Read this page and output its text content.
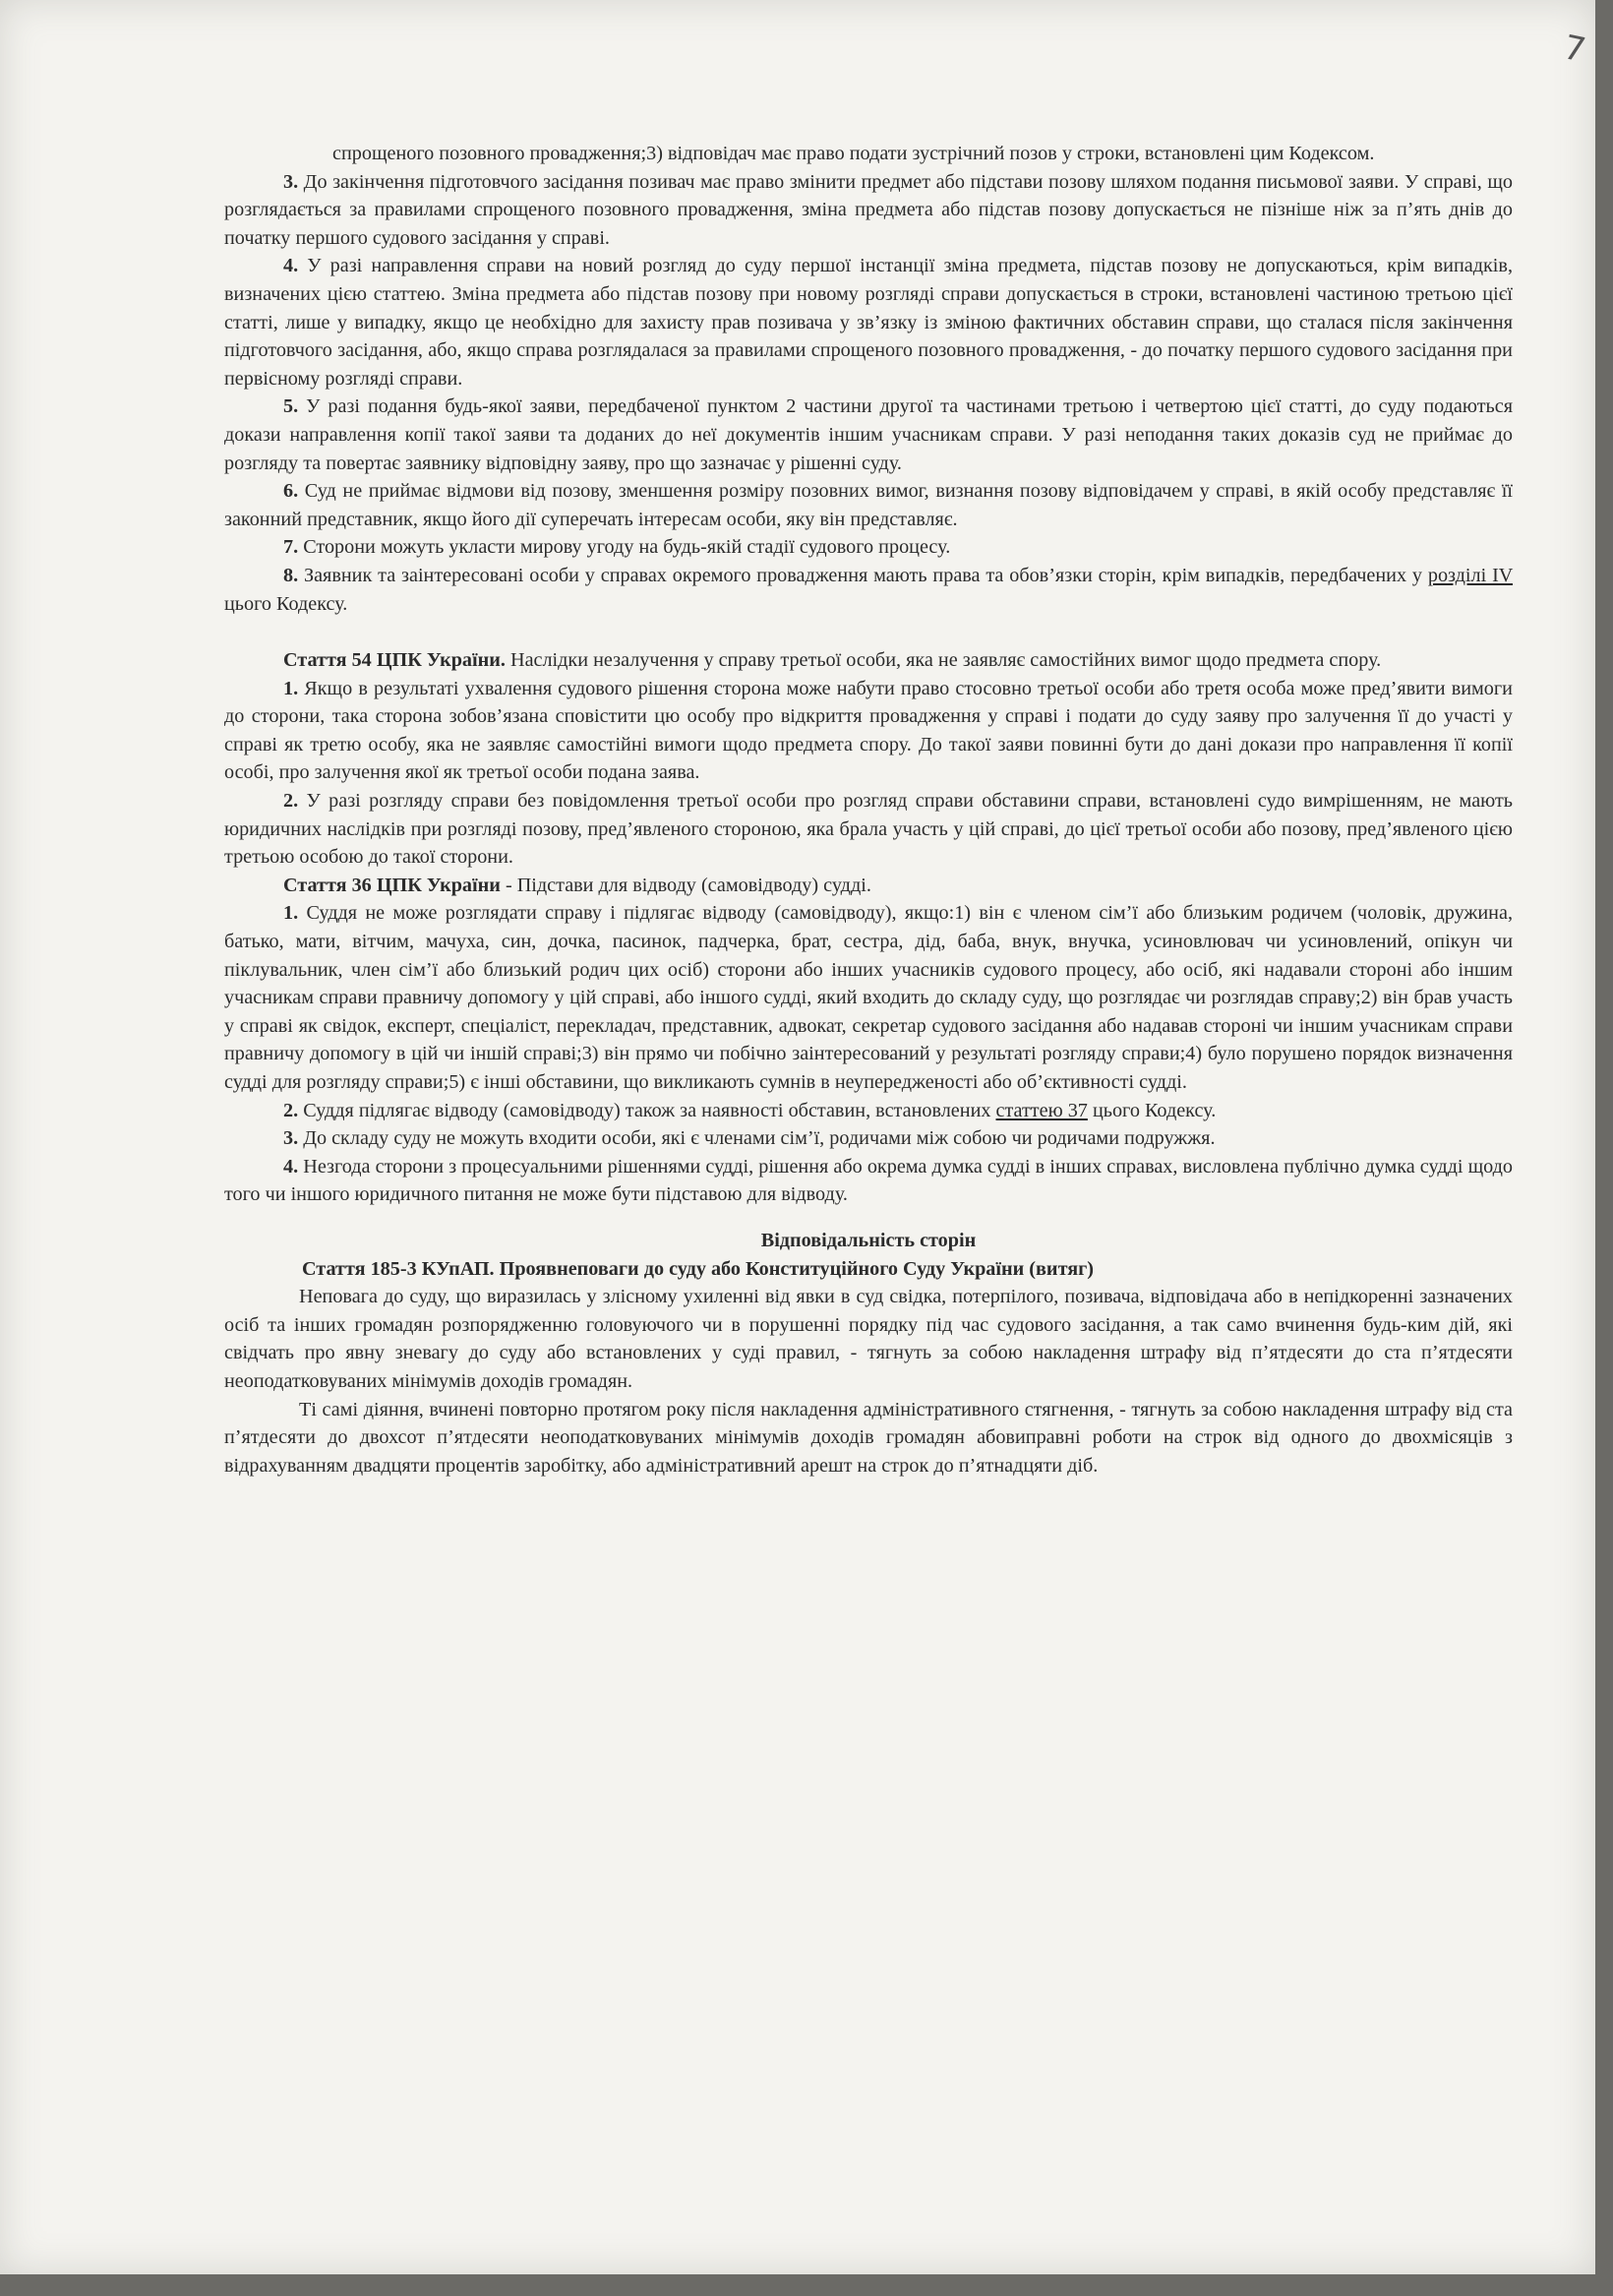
7

спрощеного позовного провадження;3) відповідач має право подати зустрічний позов у строки, встановлені цим Кодексом.

3. До закінчення підготовчого засідання позивач має право змінити предмет або підстави позову шляхом подання письмової заяви. У справі, що розглядається за правилами спрощеного позовного провадження, зміна предмета або підстав позову допускається не пізніше ніж за п’ять днів до початку першого судового засідання у справі.

4. У разі направлення справи на новий розгляд до суду першої інстанції зміна предмета, підстав позову не допускаються, крім випадків, визначених цією статтею. Зміна предмета або підстав позову при новому розгляді справи допускається в строки, встановлені частиною третьою цієї статті, лише у випадку, якщо це необхідно для захисту прав позивача у зв’язку із зміною фактичних обставин справи, що сталася після закінчення підготовчого засідання, або, якщо справа розглядалася за правилами спрощеного позовного провадження, - до початку першого судового засідання при первісному розгляді справи.

5. У разі подання будь-якої заяви, передбаченої пунктом 2 частини другої та частинами третьою і четвертою цієї статті, до суду подаються докази направлення копії такої заяви та доданих до неї документів іншим учасникам справи. У разі неподання таких доказів суд не приймає до розгляду та повертає заявнику відповідну заяву, про що зазначає у рішенні суду.

6. Суд не приймає відмови від позову, зменшення розміру позовних вимог, визнання позову відповідачем у справі, в якій особу представляє її законний представник, якщо його дії суперечать інтересам особи, яку він представляє.

7. Сторони можуть укласти мирову угоду на будь-якій стадії судового процесу.

8. Заявник та заінтересовані особи у справах окремого провадження мають права та обов’язки сторін, крім випадків, передбачених у розділі IV цього Кодексу.

Стаття 54 ЦПК України. Наслідки незалучення у справу третьої особи, яка не заявляє самостійних вимог щодо предмета спору.

1. Якщо в результаті ухвалення судового рішення сторона може набути право стосовно третьої особи або третя особа може пред’явити вимоги до сторони, така сторона зобов’язана сповістити цю особу про відкриття провадження у справі і подати до суду заяву про залучення її до участі у справі як третю особу, яка не заявляє самостійні вимоги щодо предмета спору. До такої заяви повинні бути до дані докази про направлення її копії особі, про залучення якої як третьої особи подана заява.

2. У разі розгляду справи без повідомлення третьої особи про розгляд справи обставини справи, встановлені судо вимрішенням, не мають юридичних наслідків при розгляді позову, пред’явленого стороною, яка брала участь у цій справі, до цієї третьої особи або позову, пред’явленого цією третьою особою до такої сторони.

Стаття 36 ЦПК України - Підстави для відводу (самовідводу) судді.

1. Суддя не може розглядати справу і підлягає відводу (самовідводу), якщо:1) він є членом сім’ї або близьким родичем (чоловік, дружина, батько, мати, вітчим, мачуха, син, дочка, пасинок, падчерка, брат, сестра, дід, баба, внук, внучка, усиновлювач чи усиновлений, опікун чи піклувальник, член сім’ї або близький родич цих осіб) сторони або інших учасників судового процесу, або осіб, які надавали стороні або іншим учасникам справи правничу допомогу у цій справі, або іншого судді, який входить до складу суду, що розглядає чи розглядав справу;2) він брав участь у справі як свідок, експерт, спеціаліст, перекладач, представник, адвокат, секретар судового засідання або надавав стороні чи іншим учасникам справи правничу допомогу в цій чи іншій справі;3) він прямо чи побічно заінтересований у результаті розгляду справи;4) було порушено порядок визначення судді для розгляду справи;5) є інші обставини, що викликають сумнів в неупередженості або об’єктивності судді.

2. Суддя підлягає відводу (самовідводу) також за наявності обставин, встановлених статтею 37 цього Кодексу.

3. До складу суду не можуть входити особи, які є членами сім’ї, родичами між собою чи родичами подружжя.

4. Незгода сторони з процесуальними рішеннями судді, рішення або окрема думка судді в інших справах, висловлена публічно думка судді щодо того чи іншого юридичного питання не може бути підставою для відводу.

Відповідальність сторін

Стаття 185-3 КУпАП. Проявнеповаги до суду або Конституційного Суду України (витяг)

Неповага до суду, що виразилась у злісному ухиленні від явки в суд свідка, потерпілого, позивача, відповідача або в непідкоренні зазначених осіб та інших громадян розпорядженню головуючого чи в порушенні порядку під час судового засідання, а так само вчинення будь-ким дій, які свідчать про явну зневагу до суду або встановлених у суді правил, - тягнуть за собою накладення штрафу від п’ятдесяти до ста п’ятдесяти неоподатковуваних мінімумів доходів громадян.

Ті самі діяння, вчинені повторно протягом року після накладення адміністративного стягнення, - тягнуть за собою накладення штрафу від ста п’ятдесяти до двохсот п’ятдесяти неоподатковуваних мінімумів доходів громадян абовиправні роботи на строк від одного до двохмісяців з відрахуванням двадцяти процентів заробітку, або адміністративний арешт на строк до п’ятнадцяти діб.
